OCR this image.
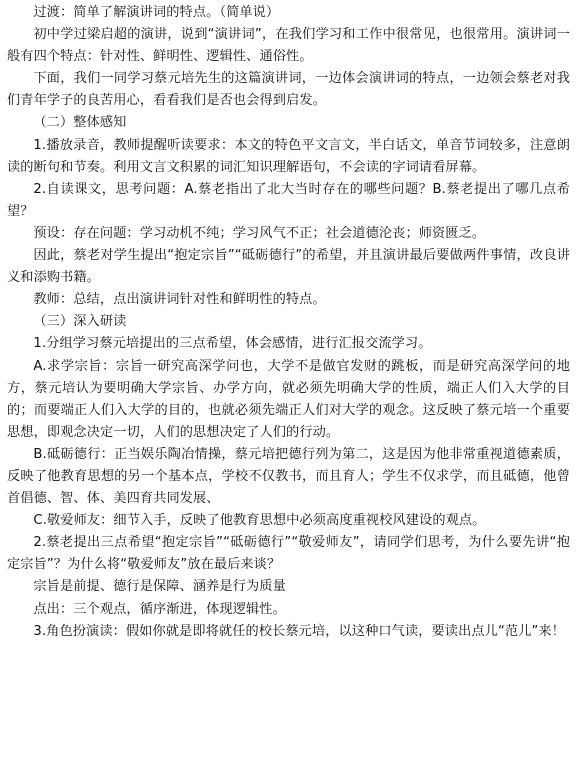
过渡：简单了解演讲词的特点。（简单说）

初中学过梁启超的演讲，说到“演讲词”，在我们学习和工作中很常见，也很常用。演讲词一般有四个特点：针对性、鲜明性、逻辑性、通俗性。

下面，我们一同学习蔡元培先生的这篇演讲词，一边体会演讲词的特点，一边领会蔡老对我们青年学子的良苦用心，看看我们是否也会得到启发。

（二）整体感知

1.播放录音，教师提醒听读要求：本文的特色平文言文，半白话文，单音节词较多，注意朗读的断句和节奏。利用文言文积累的词汇知识理解语句，不会读的字词请看屏幕。

2.自读课文，思考问题：A.蔡老指出了北大当时存在的哪些问题？B.蔡老提出了哪几点希望？

预设：存在问题：学习动机不纯；学习风气不正；社会道德沦丧；师资匮乏。

因此，蔡老对学生提出“抱定宗旨”“砥砺德行”的希望，并且演讲最后要做两件事情，改良讲义和添购书籍。

教师：总结，点出演讲词针对性和鲜明性的特点。

（三）深入研读

1.分组学习蔡元培提出的三点希望，体会感情，进行汇报交流学习。

A.求学宗旨：宗旨一研究高深学问也，大学不是做官发财的跳板，而是研究高深学问的地方，蔡元培认为要明确大学宗旨、办学方向，就必须先明确大学的性质，端正人们入大学的目的；而要端正人们入大学的目的，也就必须先端正人们对大学的观念。这反映了蔡元培一个重要思想，即观念决定一切，人们的思想决定了人们的行动。

B.砥砺德行：正当娱乐陶冶情操，蔡元培把德行列为第二，这是因为他非常重视道德素质，反映了他教育思想的另一个基本点，学校不仅教书，而且育人；学生不仅求学，而且砥德，他曾首倡德、智、体、美四育共同发展、

C.敬爱师友：细节入手，反映了他教育思想中必须高度重视校风建设的观点。

2.蔡老提出三点希望“抱定宗旨”“砥砺德行”“敬爱师友”，请同学们思考，为什么要先讲“抱定宗旨”？为什么将“敬爱师友”放在最后来谈？

宗旨是前提、德行是保障、涵养是行为质量

点出：三个观点，循序渐进，体现逻辑性。

3.角色扮演读：假如你就是即将就任的校长蔡元培，以这种口气读，要读出点儿“范儿”来！
